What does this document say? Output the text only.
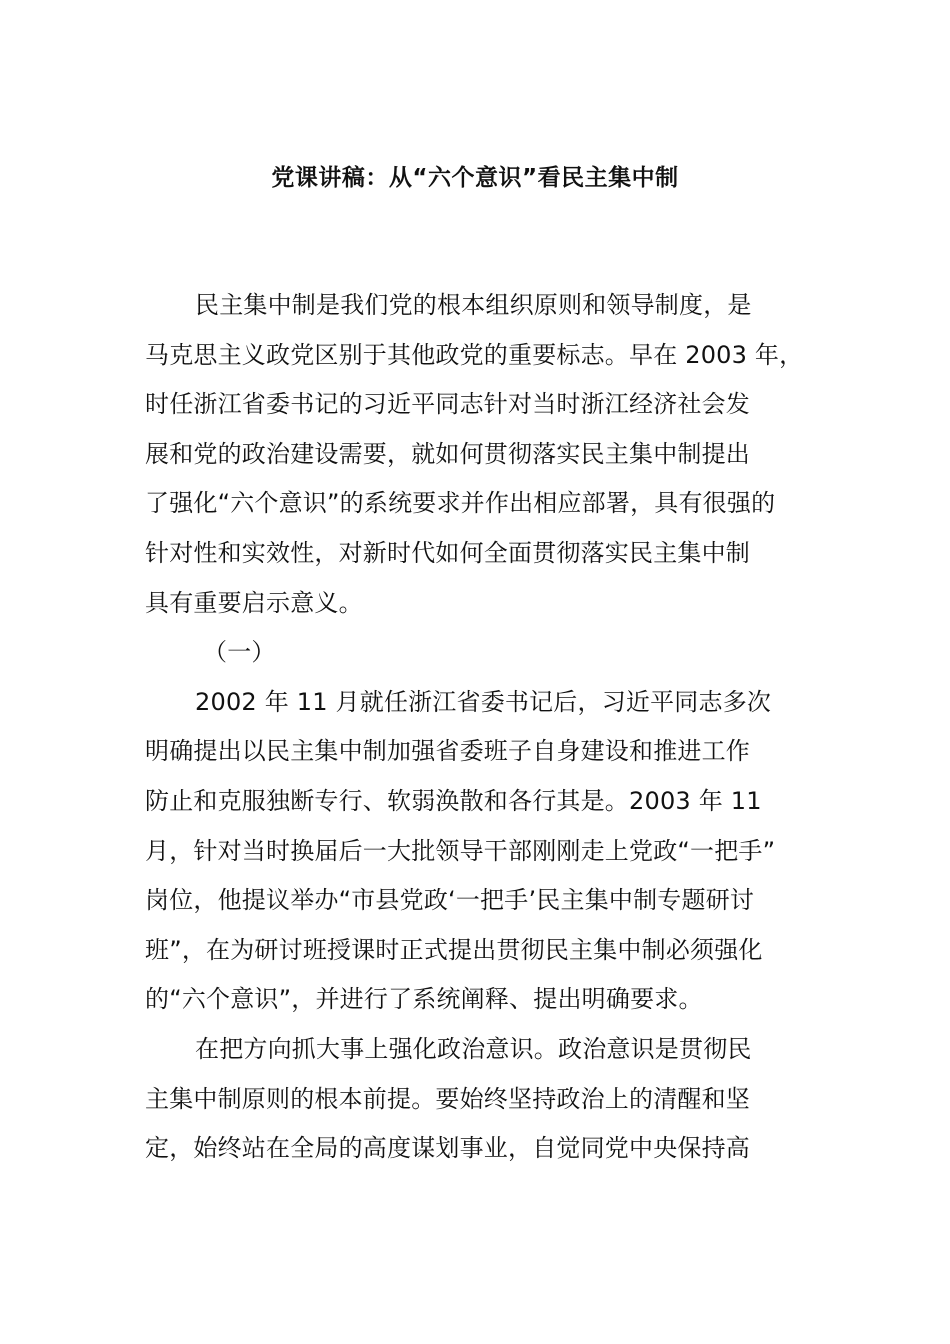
党课讲稿：从“六个意识”看民主集中制
民主集中制是我们党的根本组织原则和领导制度，是
马克思主义政党区别于其他政党的重要标志。早在 2003 年，
时任浙江省委书记的习近平同志针对当时浙江经济社会发
展和党的政治建设需要，就如何贯彻落实民主集中制提出
了强化“六个意识”的系统要求并作出相应部署，具有很强的
针对性和实效性，对新时代如何全面贯彻落实民主集中制
具有重要启示意义。
（一）
2002 年 11 月就任浙江省委书记后，习近平同志多次
明确提出以民主集中制加强省委班子自身建设和推进工作
防止和克服独断专行、软弱涣散和各行其是。2003 年 11
月，针对当时换届后一大批领导干部刚刚走上党政“一把手”
岗位，他提议举办“市县党政‘一把手’民主集中制专题研讨
班”，在为研讨班授课时正式提出贯彻民主集中制必须强化
的“六个意识”，并进行了系统阐释、提出明确要求。
在把方向抓大事上强化政治意识。政治意识是贯彻民
主集中制原则的根本前提。要始终坚持政治上的清醒和坚
定，始终站在全局的高度谋划事业，自觉同党中央保持高
